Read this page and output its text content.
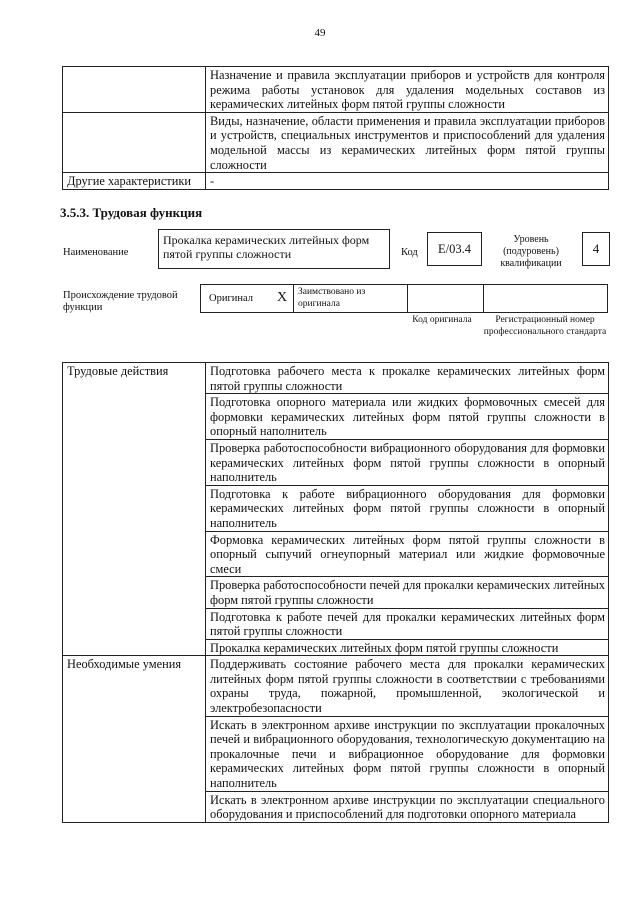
49
	Назначение и правила эксплуатации приборов и устройств для контроля режима работы установок для удаления модельных составов из керамических литейных форм пятой группы сложности
	Виды, назначение, области применения и правила эксплуатации приборов и устройств, специальных инструментов и приспособлений для удаления модельной массы из керамических литейных форм пятой группы сложности
Другие характеристики	-
3.5.3. Трудовая функция
Наименование
Прокалка керамических литейных форм пятой группы сложности	Код	E/03.4
Уровень (подуровень) квалификации
4
Происхождение трудовой функции
Оригинал X Заимствовано из оригинала
Код оригинала	Регистрационный номер профессионального стандарта
Трудовые действия	Подготовка рабочего места к прокалке керамических литейных форм пятой группы сложности
	Подготовка опорного материала или жидких формовочных смесей для формовки керамических литейных форм пятой группы сложности в опорный наполнитель
	Проверка работоспособности вибрационного оборудования для формовки керамических литейных форм пятой группы сложности в опорный наполнитель
	Подготовка к работе вибрационного оборудования для формовки керамических литейных форм пятой группы сложности в опорный наполнитель
	Формовка керамических литейных форм пятой группы сложности в опорный сыпучий огнеупорный материал или жидкие формовочные смеси
	Проверка работоспособности печей для прокалки керамических литейных форм пятой группы сложности
	Подготовка к работе печей для прокалки керамических литейных форм пятой группы сложности
	Прокалка керамических литейных форм пятой группы сложности
Необходимые умения	Поддерживать состояние рабочего места для прокалки керамических литейных форм пятой группы сложности в соответствии с требованиями охраны труда, пожарной, промышленной, экологической и электробезопасности
	Искать в электронном архиве инструкции по эксплуатации прокалочных печей и вибрационного оборудования, технологическую документацию на прокалочные печи и вибрационное оборудование для формовки керамических литейных форм пятой группы сложности в опорный наполнитель
	Искать в электронном архиве инструкции по эксплуатации специального оборудования и приспособлений для подготовки опорного материала
